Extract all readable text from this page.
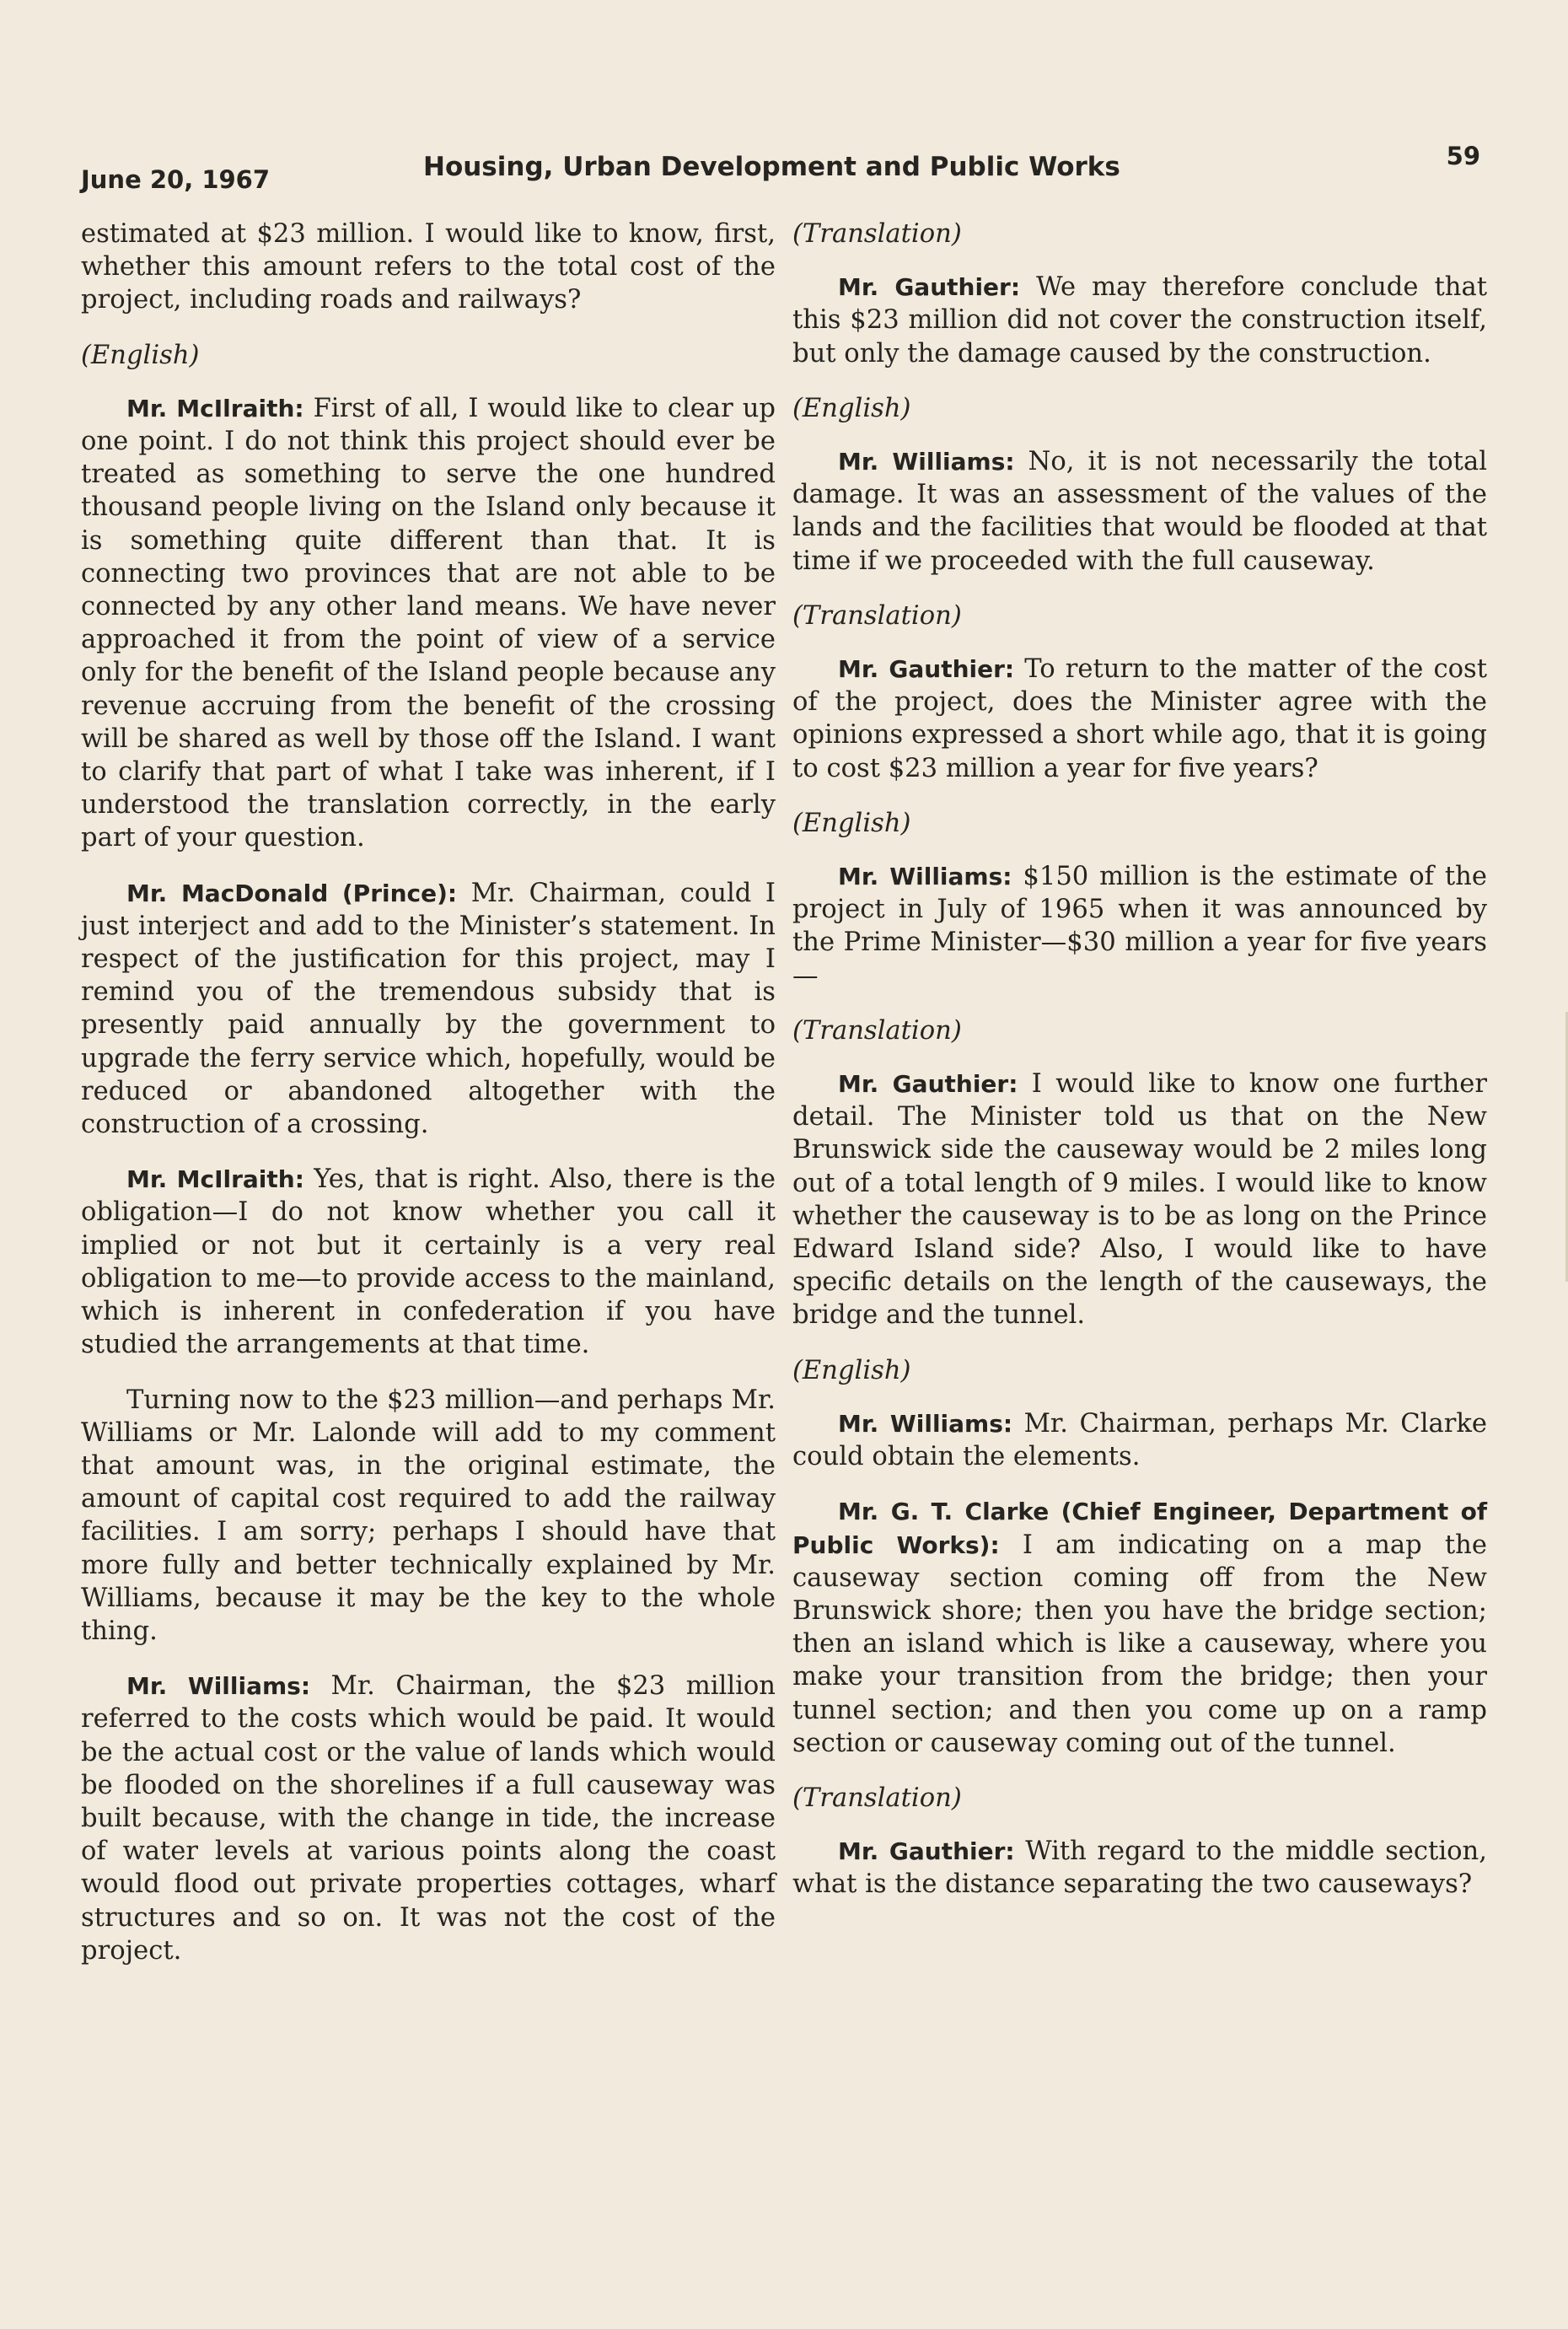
June 20, 1967	Housing, Urban Development and Public Works	59

estimated at $23 million. I would like to know, first, whether this amount refers to the total cost of the project, including roads and railways?

(English)

Mr. McIlraith: First of all, I would like to clear up one point. I do not think this project should ever be treated as something to serve the one hundred thousand people living on the Island only because it is something quite different than that. It is connecting two provinces that are not able to be connected by any other land means. We have never approached it from the point of view of a service only for the benefit of the Island people because any revenue accruing from the benefit of the crossing will be shared as well by those off the Island. I want to clarify that part of what I take was inherent, if I understood the translation correctly, in the early part of your question.

Mr. MacDonald (Prince): Mr. Chairman, could I just interject and add to the Minister’s statement. In respect of the justification for this project, may I remind you of the tremendous subsidy that is presently paid annually by the government to upgrade the ferry service which, hopefully, would be reduced or abandoned altogether with the construction of a crossing.

Mr. McIlraith: Yes, that is right. Also, there is the obligation—I do not know whether you call it implied or not but it certainly is a very real obligation to me—to provide access to the mainland, which is inherent in confederation if you have studied the arrangements at that time.

Turning now to the $23 million—and perhaps Mr. Williams or Mr. Lalonde will add to my comment that amount was, in the original estimate, the amount of capital cost required to add the railway facilities. I am sorry; perhaps I should have that more fully and better technically explained by Mr. Williams, because it may be the key to the whole thing.

Mr. Williams: Mr. Chairman, the $23 million referred to the costs which would be paid. It would be the actual cost or the value of lands which would be flooded on the shorelines if a full causeway was built because, with the change in tide, the increase of water levels at various points along the coast would flood out private properties cottages, wharf structures and so on. It was not the cost of the project.

(Translation)

Mr. Gauthier: We may therefore conclude that this $23 million did not cover the construction itself, but only the damage caused by the construction.

(English)

Mr. Williams: No, it is not necessarily the total damage. It was an assessment of the values of the lands and the facilities that would be flooded at that time if we proceeded with the full causeway.

(Translation)

Mr. Gauthier: To return to the matter of the cost of the project, does the Minister agree with the opinions expressed a short while ago, that it is going to cost $23 million a year for five years?

(English)

Mr. Williams: $150 million is the estimate of the project in July of 1965 when it was announced by the Prime Minister—$30 million a year for five years—

(Translation)

Mr. Gauthier: I would like to know one further detail. The Minister told us that on the New Brunswick side the causeway would be 2 miles long out of a total length of 9 miles. I would like to know whether the causeway is to be as long on the Prince Edward Island side? Also, I would like to have specific details on the length of the causeways, the bridge and the tunnel.

(English)

Mr. Williams: Mr. Chairman, perhaps Mr. Clarke could obtain the elements.

Mr. G. T. Clarke (Chief Engineer, Department of Public Works): I am indicating on a map the causeway section coming off from the New Brunswick shore; then you have the bridge section; then an island which is like a causeway, where you make your transition from the bridge; then your tunnel section; and then you come up on a ramp section or causeway coming out of the tunnel.

(Translation)

Mr. Gauthier: With regard to the middle section, what is the distance separating the two causeways?
